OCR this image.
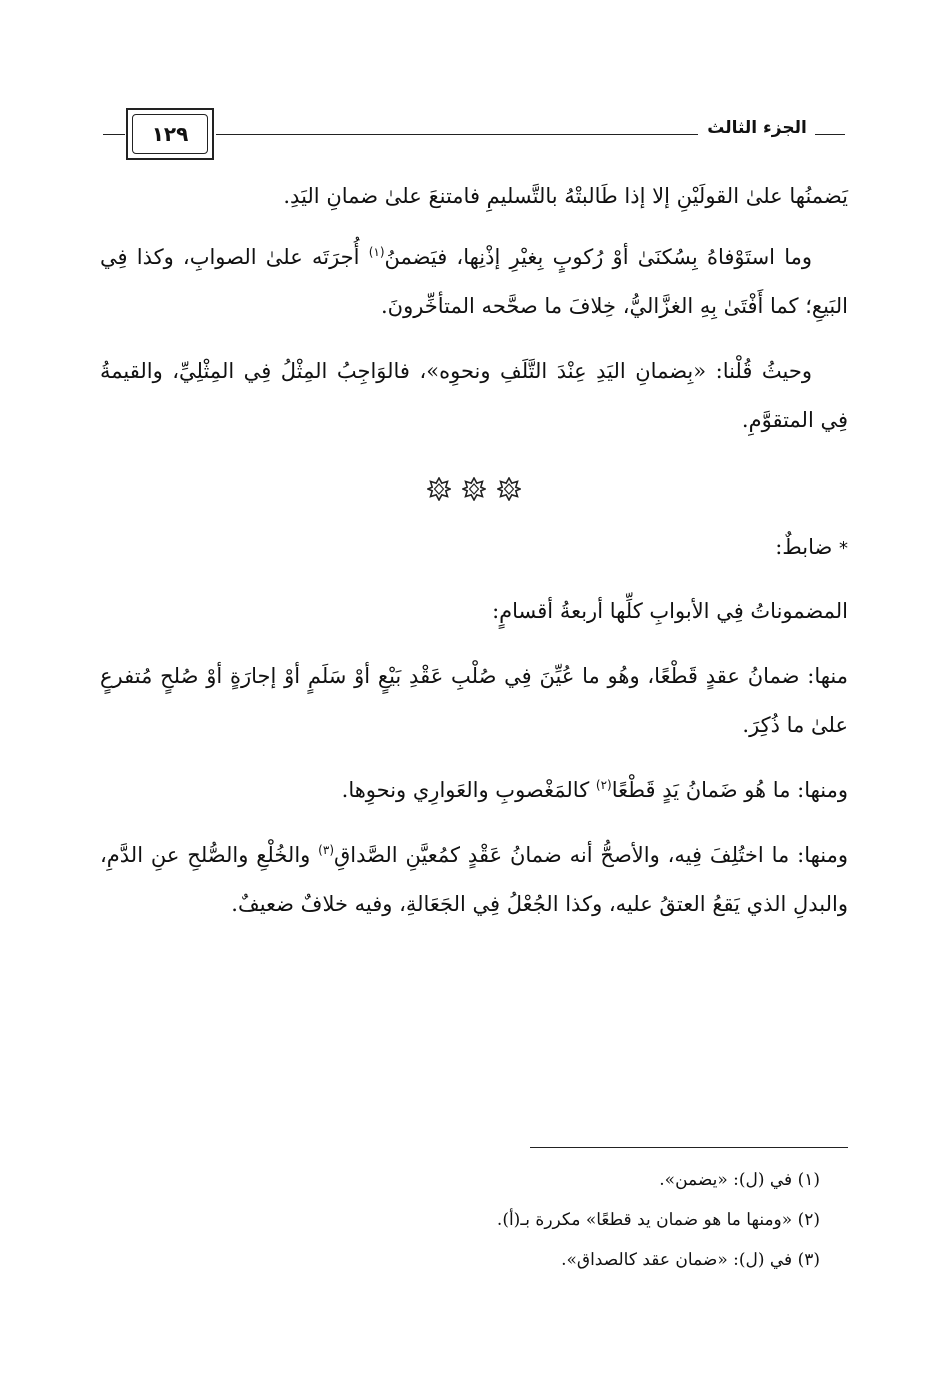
١٢٩	الجزء الثالث

يَضمنُها علىٰ القولَيْنِ إلا إذا طَالبتْهُ بالتَّسليمِ فامتنعَ علىٰ ضمانِ اليَدِ.

وما استَوْفاهُ بِسُكنَىٰ أوْ رُكوبٍ بِغيْرِ إذْنِها، فيَضمنُ$^{(١)}$ أُجرَتَه علىٰ الصوابِ، وكذا فِي البَيعِ؛ كما أَفْتَىٰ بِهِ الغزَّاليُّ، خِلافَ ما صحَّحه المتأخِّرونَ.

وحيثُ قُلْنا: «بِضمانِ اليَدِ عِنْدَ التَّلَفِ ونحوِه»، فالوَاجِبُ المِثْلُ فِي المِثْلِيِّ، والقيمةُ فِي المتقوَّمِ.

* ضابطٌ:

المضموناتُ فِي الأبوابِ كلِّها أربعةُ أقسامٍ:

منها: ضمانُ عقدٍ قَطْعًا، وهُو ما عُيِّنَ فِي صُلْبِ عَقْدِ بَيْعٍ أوْ سَلَمٍ أوْ إجارَةٍ أوْ صُلحٍ مُتفرعٍ علىٰ ما ذُكِرَ.

ومنها: ما هُو ضَمانُ يَدٍ قَطْعًا$^{(٢)}$ كالمَغْصوبِ والعَوارِي ونحوِها.

ومنها: ما اختُلِفَ فِيه، والأصحُّ أنه ضمانُ عَقْدٍ كمُعيَّنِ الصَّداقِ$^{(٣)}$ والخُلْعِ والصُّلحِ عنِ الدَّمِ، والبدلِ الذي يَقعُ العتقُ عليه، وكذا الجُعْلُ فِي الجَعَالةِ، وفيه خلافٌ ضعيفٌ.

(١) في (ل): «يضمن».

(٢) «ومنها ما هو ضمان يد قطعًا» مكررة بـ(أ).

(٣) في (ل): «ضمان عقد كالصداق».
